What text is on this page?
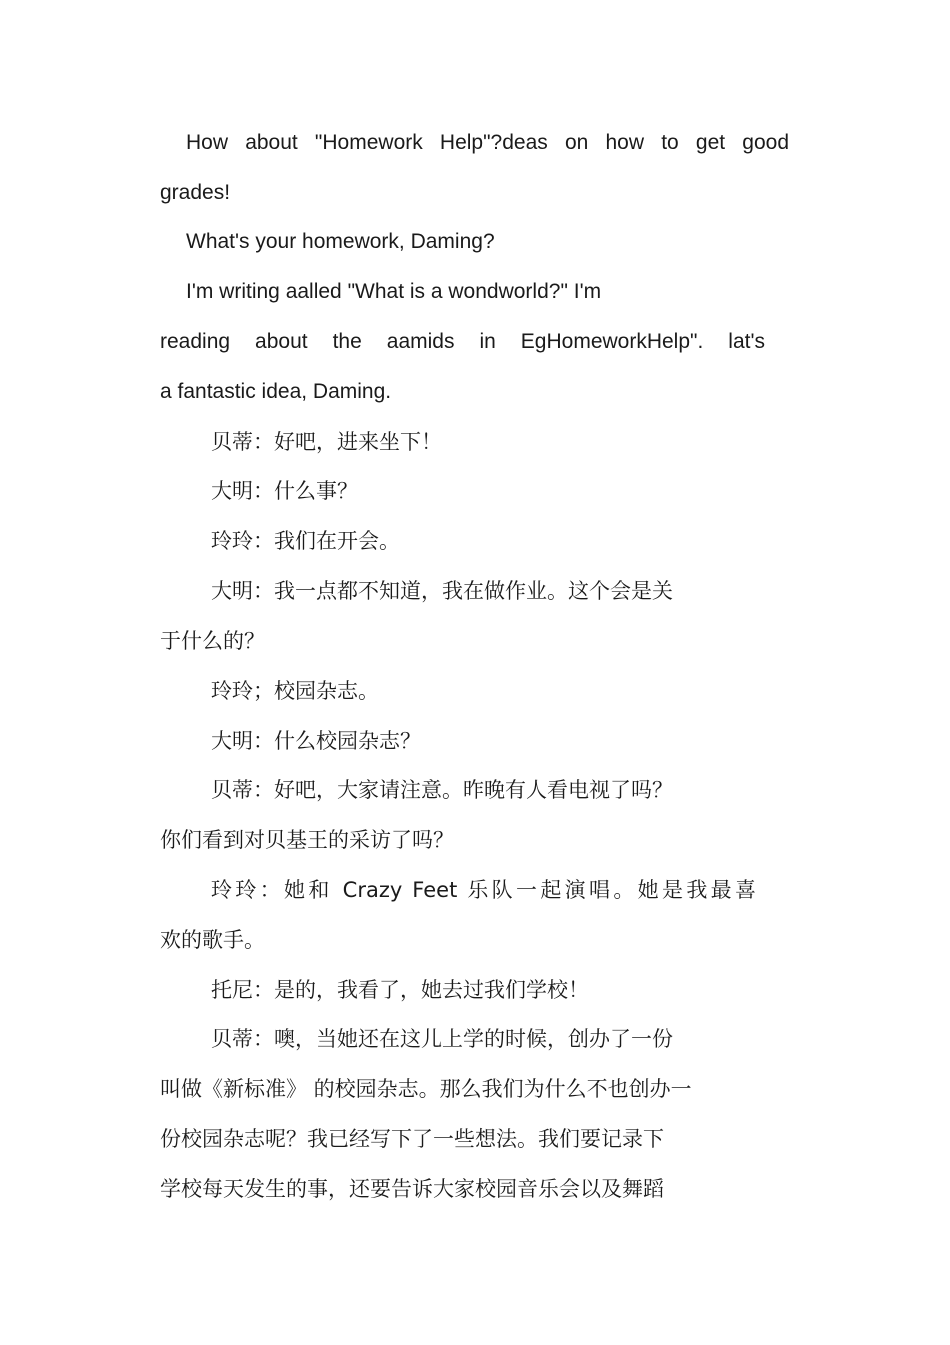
How about "Homework Help"?deas on how to get good
grades!
What's your homework, Daming?
I'm writing aalled "What is a wondworld?" I'm
reading about the aamids in EgHomeworkHelp". lat's
a fantastic idea, Daming.
贝蒂：好吧，进来坐下！
大明：什么事？
玲玲：我们在开会。
大明：我一点都不知道，我在做作业。这个会是关
于什么的？
玲玲；校园杂志。
大明：什么校园杂志？
贝蒂：好吧，大家请注意。昨晚有人看电视了吗？
你们看到对贝基王的采访了吗？
玲玲：她和 Crazy Feet 乐队一起演唱。她是我最喜
欢的歌手。
托尼：是的，我看了，她去过我们学校！
贝蒂：噢，当她还在这儿上学的时候，创办了一份
叫做《新标准》 的校园杂志。那么我们为什么不也创办一
份校园杂志呢？我已经写下了一些想法。我们要记录下
学校每天发生的事，还要告诉大家校园音乐会以及舞蹈
